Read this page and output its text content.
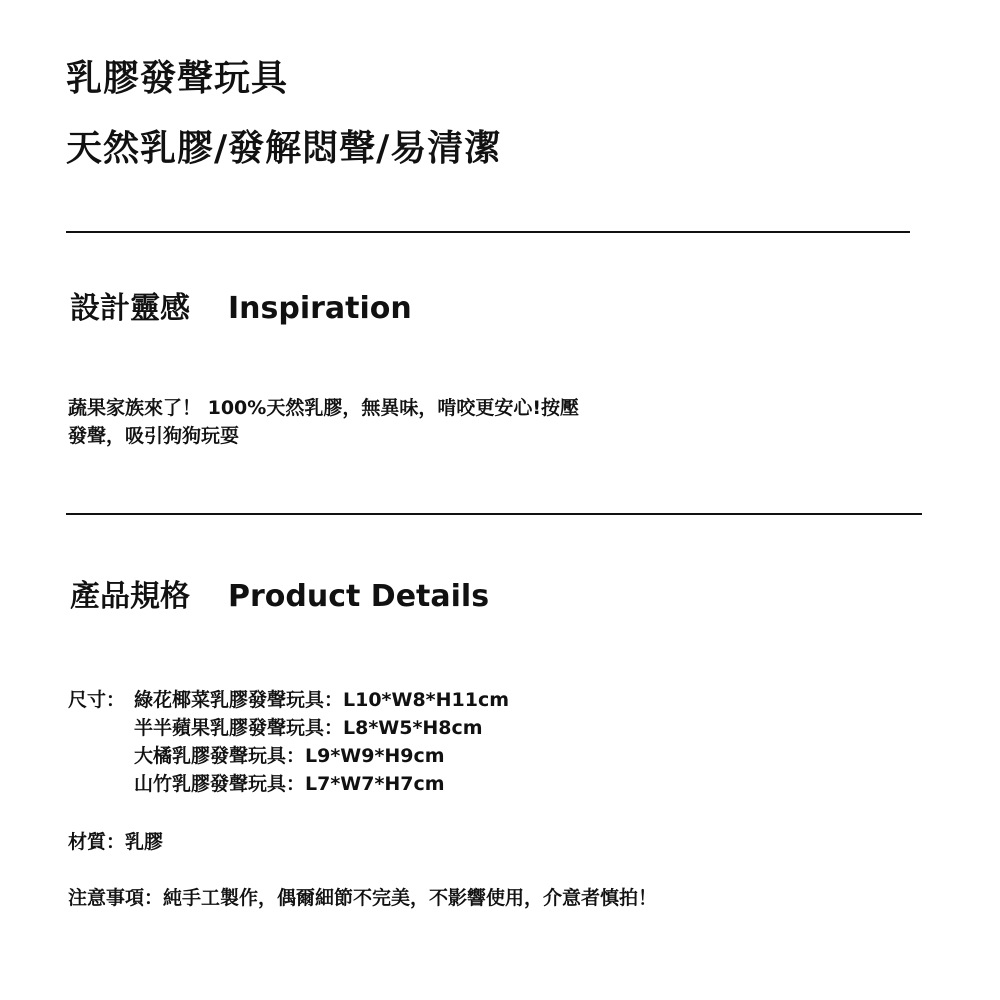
乳膠發聲玩具
天然乳膠/發解悶聲/易清潔
設計靈感 Inspiration
蔬果家族來了！ 100%天然乳膠，無異味，啃咬更安心!按壓
發聲，吸引狗狗玩耍
產品規格 Product Details
尺寸： 綠花椰菜乳膠發聲玩具：L10*W8*H11cm
半半蘋果乳膠發聲玩具：L8*W5*H8cm
大橘乳膠發聲玩具：L9*W9*H9cm
山竹乳膠發聲玩具：L7*W7*H7cm
材質：乳膠
注意事項：純手工製作，偶爾細節不完美，不影響使用，介意者慎拍！
